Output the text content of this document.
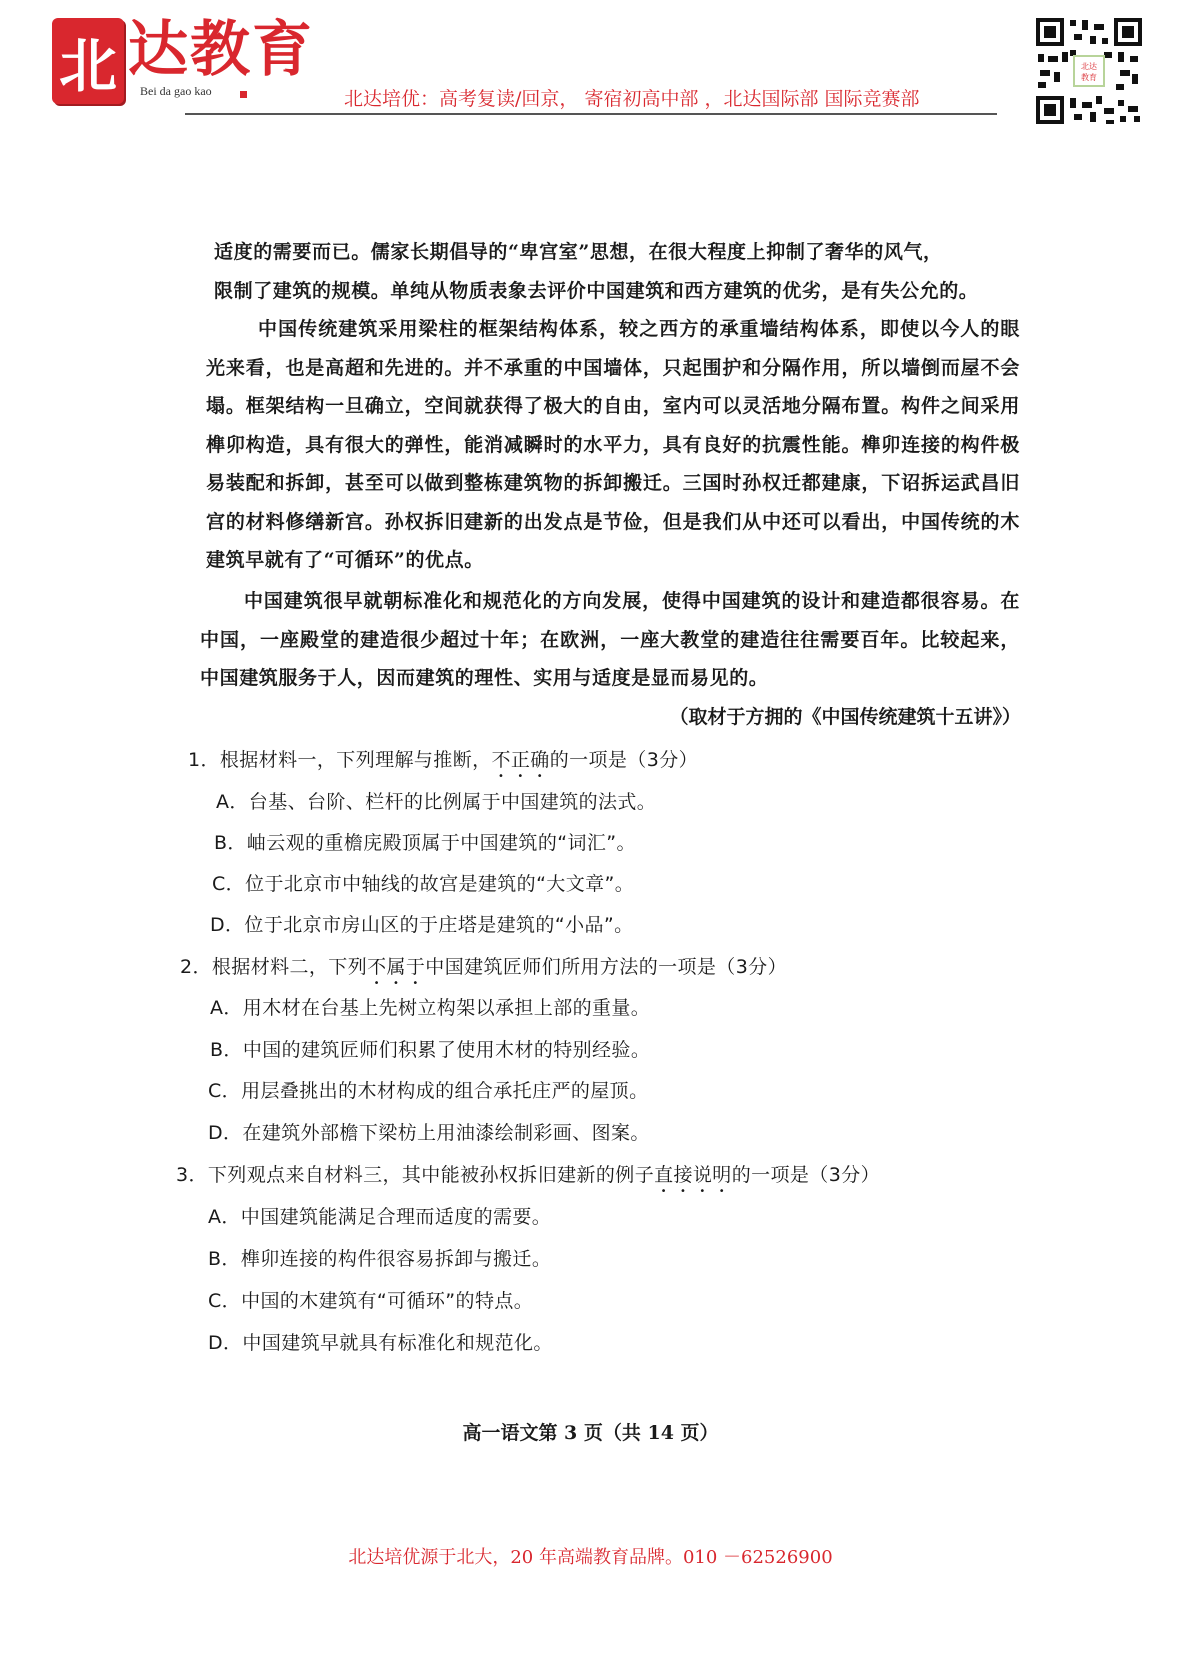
北 达教育
Bei da gao kao	北达培优：高考复读/回京， 寄宿初高中部 ，北达国际部 国际竞赛部
北达
教育
适度的需要而已。儒家长期倡导的“卑宫室”思想，在很大程度上抑制了奢华的风气，
限制了建筑的规模。单纯从物质表象去评价中国建筑和西方建筑的优劣，是有失公允的。
中国传统建筑采用梁柱的框架结构体系，较之西方的承重墙结构体系，即使以今人的眼光来看，也是高超和先进的。并不承重的中国墙体，只起围护和分隔作用，所以墙倒而屋不会塌。框架结构一旦确立，空间就获得了极大的自由，室内可以灵活地分隔布置。构件之间采用榫卯构造，具有很大的弹性，能消减瞬时的水平力，具有良好的抗震性能。榫卯连接的构件极易装配和拆卸，甚至可以做到整栋建筑物的拆卸搬迁。三国时孙权迁都建康，下诏拆运武昌旧宫的材料修缮新宫。孙权拆旧建新的出发点是节俭，但是我们从中还可以看出，中国传统的木建筑早就有了“可循环”的优点。
中国建筑很早就朝标准化和规范化的方向发展，使得中国建筑的设计和建造都很容易。在中国，一座殿堂的建造很少超过十年；在欧洲，一座大教堂的建造往往需要百年。比较起来，中国建筑服务于人，因而建筑的理性、实用与适度是显而易见的。
（取材于方拥的《中国传统建筑十五讲》）
1．根据材料一，下列理解与推断，不正确的一项是（3分）
A．台基、台阶、栏杆的比例属于中国建筑的法式。
B．岫云观的重檐庑殿顶属于中国建筑的“词汇”。
C．位于北京市中轴线的故宫是建筑的“大文章”。
D．位于北京市房山区的于庄塔是建筑的“小品”。
2．根据材料二，下列不属于中国建筑匠师们所用方法的一项是（3分）
A．用木材在台基上先树立构架以承担上部的重量。
B．中国的建筑匠师们积累了使用木材的特别经验。
C．用层叠挑出的木材构成的组合承托庄严的屋顶。
D．在建筑外部檐下梁枋上用油漆绘制彩画、图案。
3．下列观点来自材料三，其中能被孙权拆旧建新的例子直接说明的一项是（3分）
A．中国建筑能满足合理而适度的需要。
B．榫卯连接的构件很容易拆卸与搬迁。
C．中国的木建筑有“可循环”的特点。
D．中国建筑早就具有标准化和规范化。
高一语文第 3 页（共 14 页）
北达培优源于北大，20 年高端教育品牌。010 －62526900
